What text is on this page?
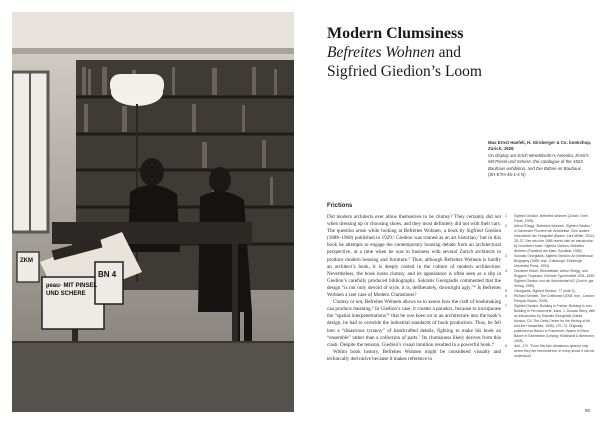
µeau· MIT PINSEL UND SCHERE
BN 4
ZKM

Modern Clumsiness

Befreites Wohnen and

Sigfried Giedion’s Loom

Max Ernst Haefeli, H. Girsberger & Co. bookshop, Zurich, 1926

On display are Erich Mendelsohn’s Amerika, Ernst’s Mit Pinsel und Schere, the catalogue of the 1923 Bauhaus exhibition, and Die Bühne im Bauhaus.

(ZH-ETH-45-1-4 N)

Frictions

Did modern architects ever allow themselves to be clumsy? They certainly did not when dressing up or choosing shoes, and they most definitely did not with their cars. The question arose while looking at Befreites Wohnen, a book by Sigfried Giedion (1888–1968) published in 1929.¹ Giedion was trained as an art historian,² but in this book he attempts to engage the contemporary housing debate from an architectural perspective, at a time when he was in business with several Zurich architects to produce modern housing and furniture.³ Thus, although Befreites Wohnen is hardly an architect’s book, it is deeply rooted in the culture of modern architecture. Nevertheless, the book looks clumsy, and its appearance is often seen as a slip in Giedion’s carefully produced bibliography. Sokratis Georgiadis commented that the design “is not only devoid of style, it is, deliberately, downright ugly.”⁴ Is Befreites Wohnen a rare case of Modern Clumsiness?

Clumsy or not, Befreites Wohnen allows us to assess how the craft of bookmaking can produce meaning.⁵ In Giedion’s case, it creates a paradox, because to incorporate the “spatial interpenetrations”⁶ that he was keen on in an architecture into the book’s design, he had to override the industrial standards of book production. Thus, he fell into a “disastrous tyranny” of handcrafted details, fighting to make his book an “ensemble” rather than a collection of parts.⁷ Its clumsiness likely derives from this clash. Despite the tension, Giedion’s visual intuition resulted in a powerful book.⁸

Within book history, Befreites Wohnen might be considered visually and technically derivative because it makes reference to

1	Sigfried Giedion, Befreites Wohnen (Zurich: Orell Füssli, 1929).
2	Arthur Rüegg, “Befreites Wohnen, Sigfried Giedion,” in Schweizer Pioniere der Architektur. Eine andere Geschichte der Fotografie (Baden: Lars Müller, 2022), 25–37. See also the 1985 reprint with an introduction by Dorothee Huber: Sigfried Giedion, Befreites Wohnen (Frankfurt am Main: Syndikat, 1985).
3	Sokratis Georgiadis, Sigfried Giedion: An Intellectual Biography (1989; repr., Edinburgh: Edinburgh University Press, 1993).
4	Dorothee Huber, Wohnbedarf, Arthur Rüegg, and Ruggero Tropeano, Schöner Typenmöbel 1931–1939: Sigfried Giedion und die Wohnbedarf AG (Zurich: gta Verlag, 1989).
5	Georgiadis, Sigfried Giedion, 77 (note 3).
6	Richard Sennett, The Craftsman (2008; repr., London: Penguin Books, 2009).
7	Sigfried Giedion, Building in France, Building in Iron, Building in Ferroconcrete, trans. J. Duncan Berry, with an introduction by Sokratis Georgiadis (Santa Monica, CA: The Getty Center for the History of Art and the Humanities, 1995), 170–73. Originally published as Bauen in Frankreich, Bauen in Eisen, Bauen in Eisenbeton (Leipzig: Klinkhardt & Biermann, 1928).
8	Ibid., 170. “From this fact: disastrous tyranny only where they are remembered. In every sense it can be understood
60
